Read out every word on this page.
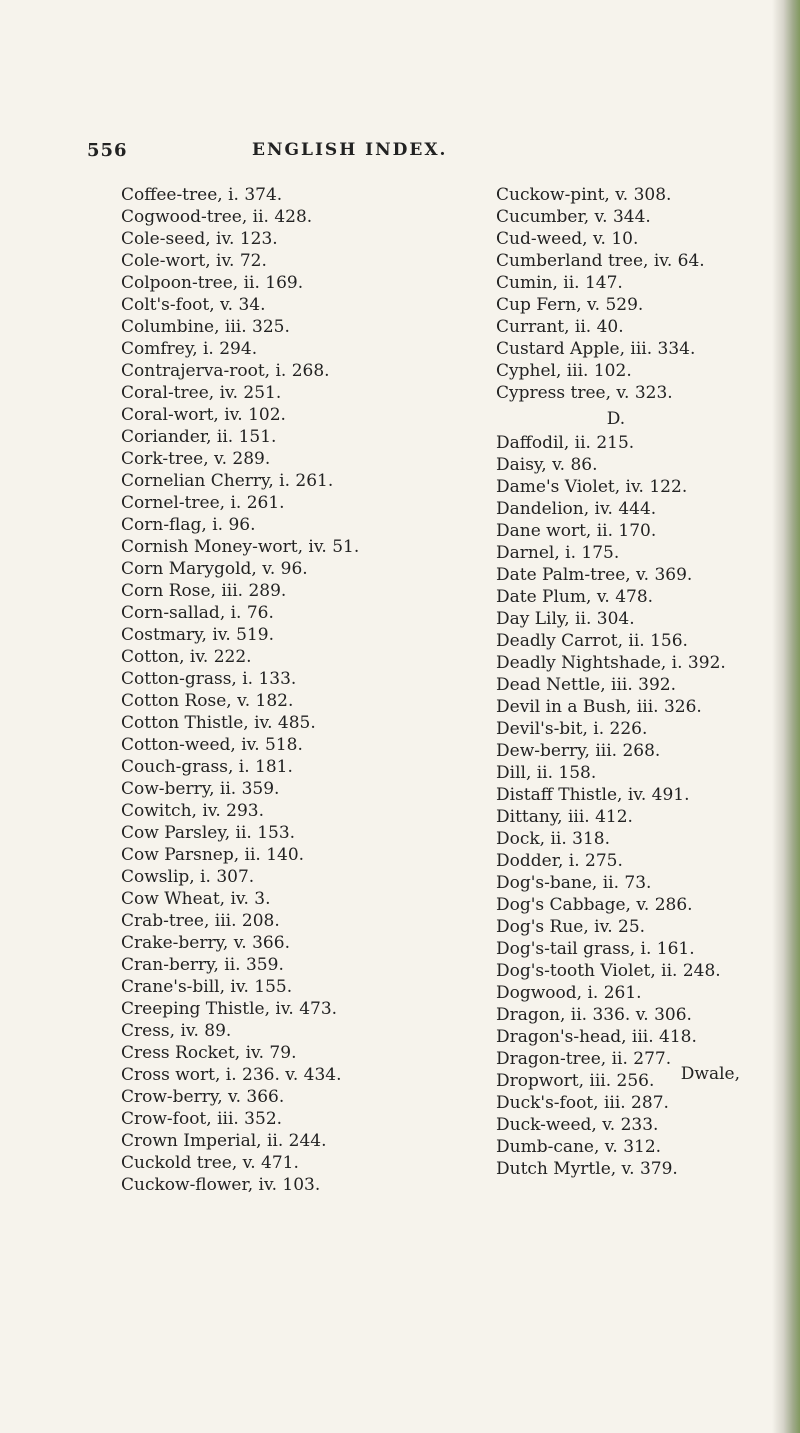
556	ENGLISH INDEX.
Coffee-tree, i. 374.
Cogwood-tree, ii. 428.
Cole-seed, iv. 123.
Cole-wort, iv. 72.
Colpoon-tree, ii. 169.
Colt's-foot, v. 34.
Columbine, iii. 325.
Comfrey, i. 294.
Contrajerva-root, i. 268.
Coral-tree, iv. 251.
Coral-wort, iv. 102.
Coriander, ii. 151.
Cork-tree, v. 289.
Cornelian Cherry, i. 261.
Cornel-tree, i. 261.
Corn-flag, i. 96.
Cornish Money-wort, iv. 51.
Corn Marygold, v. 96.
Corn Rose, iii. 289.
Corn-sallad, i. 76.
Costmary, iv. 519.
Cotton, iv. 222.
Cotton-grass, i. 133.
Cotton Rose, v. 182.
Cotton Thistle, iv. 485.
Cotton-weed, iv. 518.
Couch-grass, i. 181.
Cow-berry, ii. 359.
Cowitch, iv. 293.
Cow Parsley, ii. 153.
Cow Parsnep, ii. 140.
Cowslip, i. 307.
Cow Wheat, iv. 3.
Crab-tree, iii. 208.
Crake-berry, v. 366.
Cran-berry, ii. 359.
Crane's-bill, iv. 155.
Creeping Thistle, iv. 473.
Cress, iv. 89.
Cress Rocket, iv. 79.
Cross wort, i. 236. v. 434.
Crow-berry, v. 366.
Crow-foot, iii. 352.
Crown Imperial, ii. 244.
Cuckold tree, v. 471.
Cuckow-flower, iv. 103.
Cuckow-pint, v. 308.
Cucumber, v. 344.
Cud-weed, v. 10.
Cumberland tree, iv. 64.
Cumin, ii. 147.
Cup Fern, v. 529.
Currant, ii. 40.
Custard Apple, iii. 334.
Cyphel, iii. 102.
Cypress tree, v. 323.
D.
Daffodil, ii. 215.
Daisy, v. 86.
Dame's Violet, iv. 122.
Dandelion, iv. 444.
Dane wort, ii. 170.
Darnel, i. 175.
Date Palm-tree, v. 369.
Date Plum, v. 478.
Day Lily, ii. 304.
Deadly Carrot, ii. 156.
Deadly Nightshade, i. 392.
Dead Nettle, iii. 392.
Devil in a Bush, iii. 326.
Devil's-bit, i. 226.
Dew-berry, iii. 268.
Dill, ii. 158.
Distaff Thistle, iv. 491.
Dittany, iii. 412.
Dock, ii. 318.
Dodder, i. 275.
Dog's-bane, ii. 73.
Dog's Cabbage, v. 286.
Dog's Rue, iv. 25.
Dog's-tail grass, i. 161.
Dog's-tooth Violet, ii. 248.
Dogwood, i. 261.
Dragon, ii. 336. v. 306.
Dragon's-head, iii. 418.
Dragon-tree, ii. 277.
Dropwort, iii. 256.
Duck's-foot, iii. 287.
Duck-weed, v. 233.
Dumb-cane, v. 312.
Dutch Myrtle, v. 379.
Dwale,
